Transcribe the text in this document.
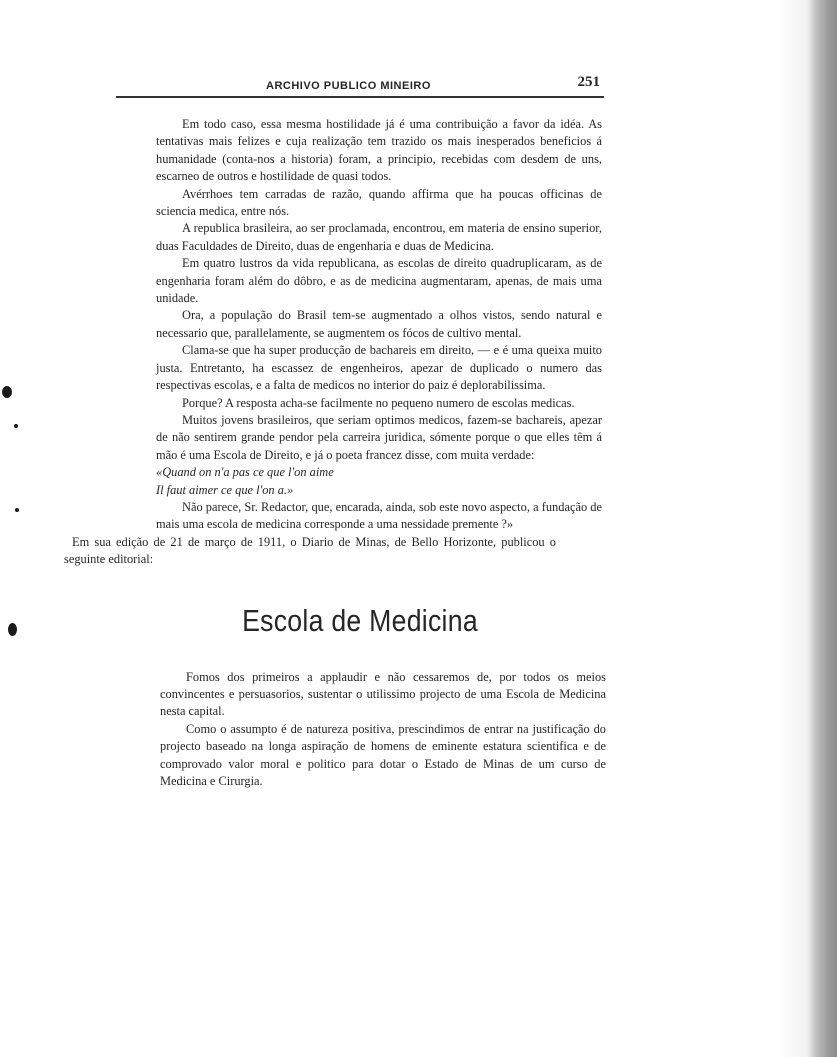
ARCHIVO PUBLICO MINEIRO	251

Em todo caso, essa mesma hostilidade já é uma contribuição a favor da idéa. As tentativas mais felizes e cuja realização tem trazido os mais inesperados beneficios á humanidade (conta-nos a historia) foram, a principio, recebidas com desdem de uns, escarneo de outros e hostilidade de quasi todos.

Avérrhoes tem carradas de razão, quando affirma que ha poucas officinas de sciencia medica, entre nós.

A republica brasileira, ao ser proclamada, encontrou, em materia de ensino superior, duas Faculdades de Direito, duas de engenharia e duas de Medicina.

Em quatro lustros da vida republicana, as escolas de direito quadruplicaram, as de engenharia foram além do dôbro, e as de medicina augmentaram, apenas, de mais uma unidade.

Ora, a população do Brasil tem-se augmentado a olhos vistos, sendo natural e necessario que, parallelamente, se augmentem os fócos de cultivo mental.

Clama-se que ha super producção de bachareis em direito, — e é uma queixa muito justa. Entretanto, ha escassez de engenheiros, apezar de duplicado o numero das respectivas escolas, e a falta de medicos no interior do paiz é deplorabilissima.

Porque? A resposta acha-se facilmente no pequeno numero de escolas medicas.

Muitos jovens brasileiros, que seriam optimos medicos, fazem-se bachareis, apezar de não sentirem grande pendor pela carreira juridica, sómente porque o que elles têm á mão é uma Escola de Direito, e já o poeta francez disse, com muita verdade:

«Quand on n'a pas ce que l'on aime

Il faut aimer ce que l'on a.»

Não parece, Sr. Redactor, que, encarada, ainda, sob este novo aspecto, a fundação de mais uma escola de medicina corresponde a uma nessidade premente ?»

Em sua edição de 21 de março de 1911, o Diario de Minas, de Bello Horizonte, publicou o seguinte editorial:

Escola de Medicina

Fomos dos primeiros a applaudir e não cessaremos de, por todos os meios convincentes e persuasorios, sustentar o utilissimo projecto de uma Escola de Medicina nesta capital.

Como o assumpto é de natureza positiva, prescindimos de entrar na justificação do projecto baseado na longa aspiração de homens de eminente estatura scientifica e de comprovado valor moral e politico para dotar o Estado de Minas de um curso de Medicina e Cirurgia.
